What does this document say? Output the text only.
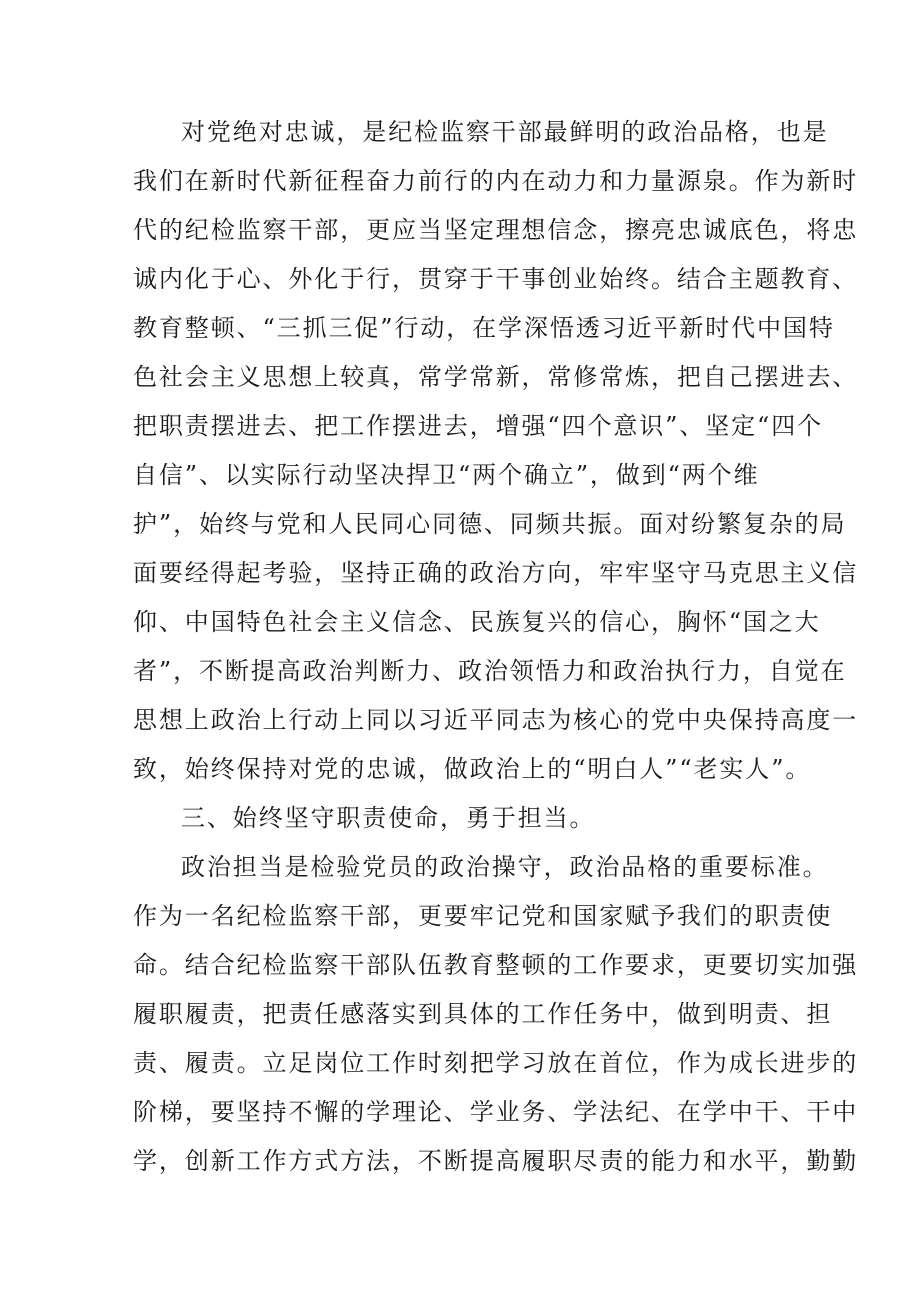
对党绝对忠诚，是纪检监察干部最鲜明的政治品格，也是
我们在新时代新征程奋力前行的内在动力和力量源泉。作为新时
代的纪检监察干部，更应当坚定理想信念，擦亮忠诚底色，将忠
诚内化于心、外化于行，贯穿于干事创业始终。结合主题教育、
教育整顿、“三抓三促”行动，在学深悟透习近平新时代中国特
色社会主义思想上较真，常学常新，常修常炼，把自己摆进去、
把职责摆进去、把工作摆进去，增强“四个意识”、坚定“四个
自信”、以实际行动坚决捍卫“两个确立”，做到“两个维
护”，始终与党和人民同心同德、同频共振。面对纷繁复杂的局
面要经得起考验，坚持正确的政治方向，牢牢坚守马克思主义信
仰、中国特色社会主义信念、民族复兴的信心，胸怀“国之大
者”，不断提高政治判断力、政治领悟力和政治执行力，自觉在
思想上政治上行动上同以习近平同志为核心的党中央保持高度一
致，始终保持对党的忠诚，做政治上的“明白人”“老实人”。
三、始终坚守职责使命，勇于担当。
政治担当是检验党员的政治操守，政治品格的重要标准。
作为一名纪检监察干部，更要牢记党和国家赋予我们的职责使
命。结合纪检监察干部队伍教育整顿的工作要求，更要切实加强
履职履责，把责任感落实到具体的工作任务中，做到明责、担
责、履责。立足岗位工作时刻把学习放在首位，作为成长进步的
阶梯，要坚持不懈的学理论、学业务、学法纪、在学中干、干中
学，创新工作方式方法，不断提高履职尽责的能力和水平，勤勤
